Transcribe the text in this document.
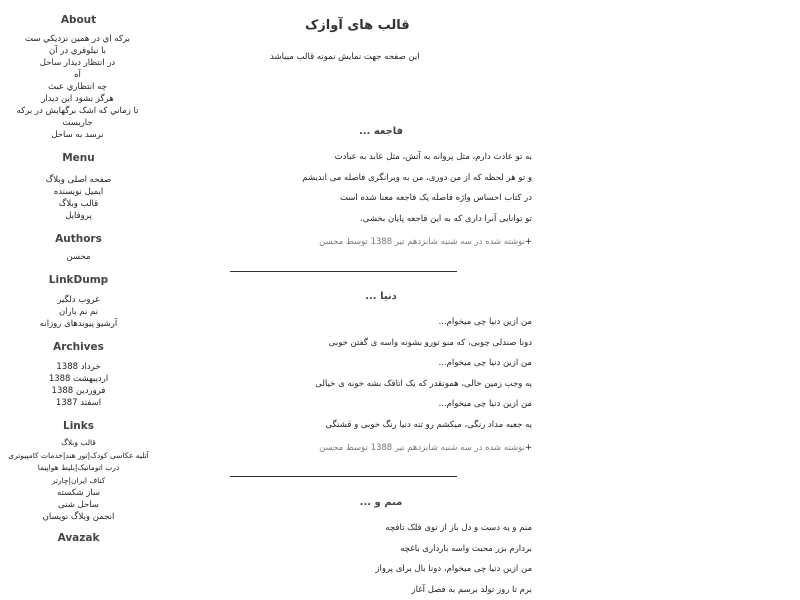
About
برکه اي در همين نزديکي ست
با نيلوفري در آن
در انتظار ديدار ساحل
آه
چه انتظاري عبث
هرگز نشود اين ديدار
تا زماني که اشک برگهايش در برکه جاريست
نرسد به ساحل
Menu
صفحه اصلی وبلاگ
ایمیل نویسنده
قالب وبلاگ
پروفایل
Authors
محسن
LinkDump
غروب دلگیر
نم نم باران
آرشيو پيوندهای روزانه
Archives
خرداد 1388
اردیبهشت 1388
فروردین 1388
اسفند 1387
Links
قالب وبلاگ
آتلیه عکاسی کودک|تور هند|خدمات کامپیوتری
درب اتوماتیک|بلیط هواپیما
کناف ایران|چارتر
ساز شکسته
ساحل شنی
انجمن وبلاگ نویسان
Avazak
قالب های آوازک

این صفحه جهت نمایش نمونه قالب میباشد

فاجعه ...

به تو عادت دارم، مثل پروانه به آتش، مثل عابد به عبادت

و تو هر لحظه که از من دوری، من به ویرانگری فاصله می اندیشم

در کتاب احساس واژه فاصله یک فاجعه معنا شده است

تو توانایی آنرا داری که به این فاجعه پایان بخشی.

+نوشته شده در سه شنبه شانزدهم تیر 1388 توسط محسن

دنیا ...

من ازین دنیا چی میخوام...

دونا صندلی چوبی، که منو تورو بشونه واسه ی گفتن خوبی

من ازین دنیا چی میخوام...

یه وجب زمین خالی، همونقدر که یک اتاقک بشه خونه ی خیالی

من ازین دنیا چی میخوام...

یه جعبه مداد رنگی، میکشم رو تنه دنیا رنگ خوبی و قشنگی

+نوشته شده در سه شنبه شانزدهم تیر 1388 توسط محسن

منم و ...

منم و یه دست و دل باز از توی فلک تافچه

بردارم بزر محبت واسه بارداری باغچه

من ازین دنیا چی میخوام، دونا بال برای پرواز

برم تا روز تولد برسم به فصل آغاز
